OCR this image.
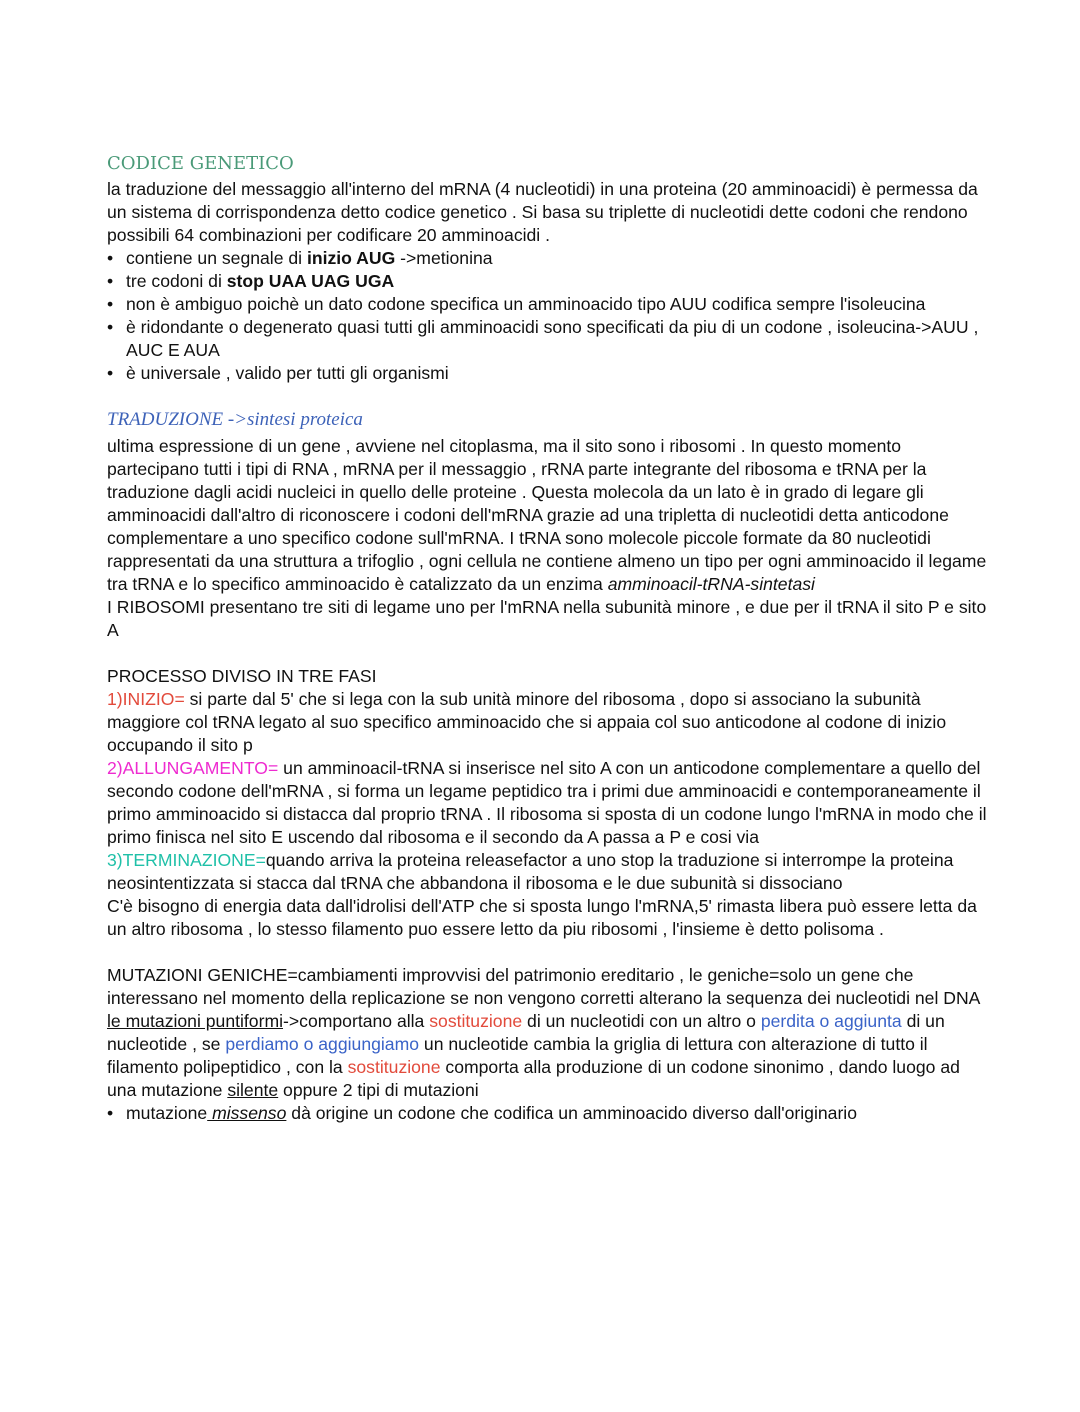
CODICE GENETICO

la traduzione del messaggio all'interno del mRNA (4 nucleotidi) in una proteina (20 amminoacidi) è permessa da un sistema di corrispondenza detto codice genetico . Si basa su triplette di nucleotidi dette codoni che rendono possibili 64 combinazioni per codificare 20 amminoacidi .

• contiene un segnale di inizio AUG ->metionina
• tre codoni di stop UAA UAG UGA
• non è ambiguo poichè un dato codone specifica un amminoacido tipo AUU codifica sempre l'isoleucina
• è ridondante o degenerato quasi tutti gli amminoacidi sono specificati da piu di un codone , isoleucina->AUU , AUC E AUA
• è universale , valido per tutti gli organismi
TRADUZIONE ->sintesi proteica

ultima espressione di un gene , avviene nel citoplasma, ma il sito sono i ribosomi . In questo momento partecipano tutti i tipi di RNA , mRNA per il messaggio , rRNA parte integrante del ribosoma e tRNA per la traduzione dagli acidi nucleici in quello delle proteine . Questa molecola da un lato è in grado di legare gli amminoacidi dall'altro di riconoscere i codoni dell'mRNA grazie ad una tripletta di nucleotidi detta anticodone complementare a uno specifico codone sull'mRNA. I tRNA sono molecole piccole formate da 80 nucleotidi rappresentati da una struttura a trifoglio , ogni cellula ne contiene almeno un tipo per ogni amminoacido il legame tra tRNA e lo specifico amminoacido è catalizzato da un enzima amminoacil-tRNA-sintetasi

I RIBOSOMI presentano tre siti di legame uno per l'mRNA nella subunità minore , e due per il tRNA il sito P e sito A

PROCESSO DIVISO IN TRE FASI

1)INIZIO= si parte dal 5' che si lega con la sub unità minore del ribosoma , dopo si associano la subunità maggiore col tRNA legato al suo specifico amminoacido che si appaia col suo anticodone al codone di inizio occupando il sito p

2)ALLUNGAMENTO= un amminoacil-tRNA si inserisce nel sito A con un anticodone complementare a quello del secondo codone dell'mRNA , si forma un legame peptidico tra i primi due amminoacidi e contemporaneamente il primo amminoacido si distacca dal proprio tRNA . Il ribosoma si sposta di un codone lungo l'mRNA in modo che il primo finisca nel sito E uscendo dal ribosoma e il secondo da A passa a P e cosi via

3)TERMINAZIONE=quando arriva la proteina releasefactor a uno stop la traduzione si interrompe la proteina neosintentizzata si stacca dal tRNA che abbandona il ribosoma e le due subunità si dissociano

C'è bisogno di energia data dall'idrolisi dell'ATP che si sposta lungo l'mRNA,5' rimasta libera può essere letta da un altro ribosoma , lo stesso filamento puo essere letto da piu ribosomi , l'insieme è detto polisoma .

MUTAZIONI GENICHE=cambiamenti improvvisi del patrimonio ereditario , le geniche=solo un gene che interessano nel momento della replicazione se non vengono corretti alterano la sequenza dei nucleotidi nel DNA

le mutazioni puntiformi->comportano alla sostituzione di un nucleotidi con un altro o perdita o aggiunta di un nucleotide , se perdiamo o aggiungiamo un nucleotide cambia la griglia di lettura con alterazione di tutto il filamento polipeptidico , con la sostituzione comporta alla produzione di un codone sinonimo , dando luogo ad una mutazione silente oppure 2 tipi di mutazioni

• mutazione missenso dà origine un codone che codifica un amminoacido diverso dall'originario
